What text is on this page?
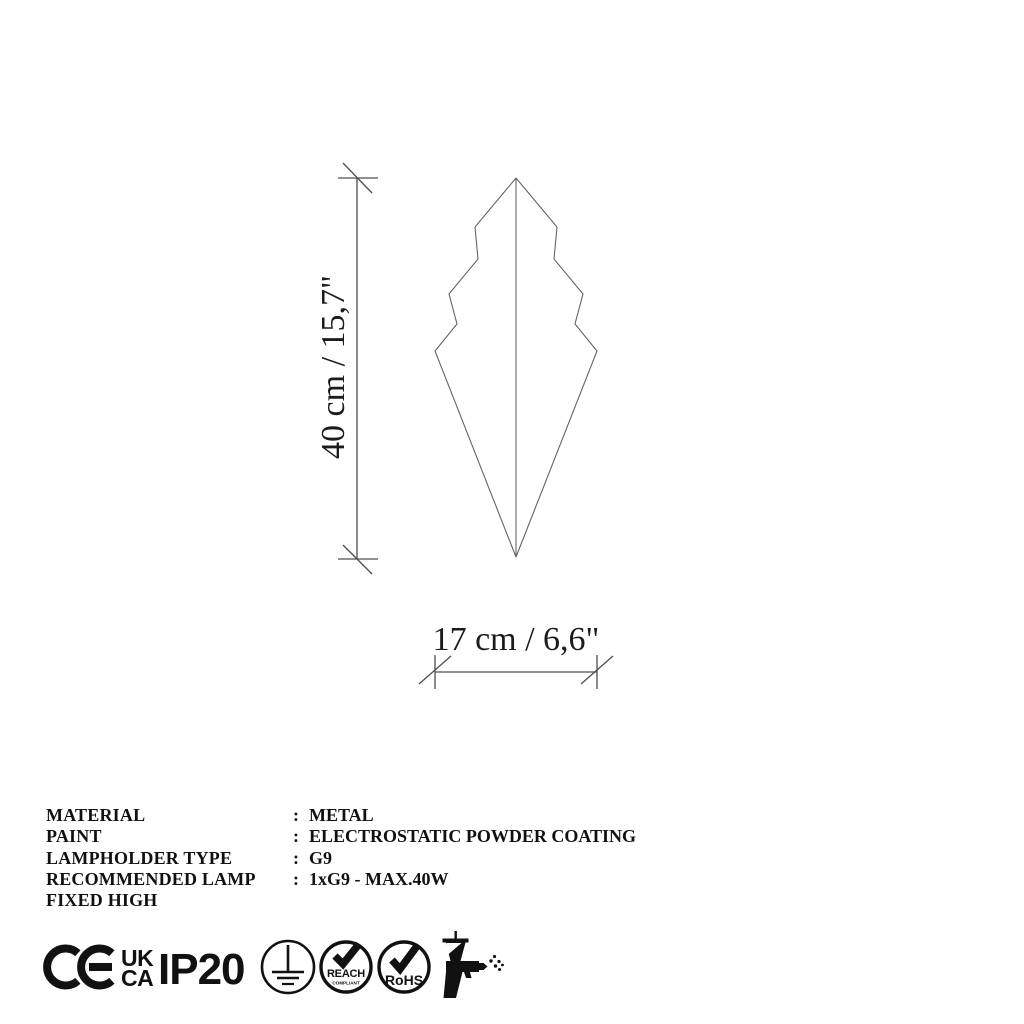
40 cm / 15,7"
17 cm / 6,6"
UK
CA IP20	REACH
COMPLIANT RoHS
MATERIAL	: METAL
PAINT	: ELECTROSTATIC POWDER COATING
LAMPHOLDER TYPE	: G9
RECOMMENDED LAMP	: 1xG9 - MAX.40W
FIXED HIGH
